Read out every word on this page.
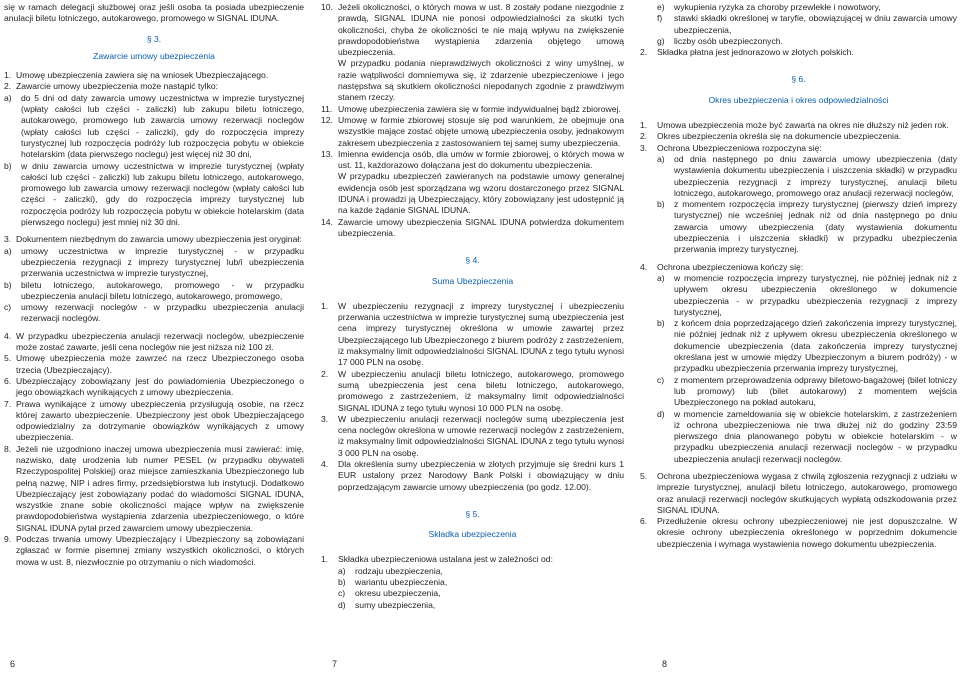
się w ramach delegacji służbowej oraz jeśli osoba ta posiada ubezpieczenie anulacji biletu lotniczego, autokarowego, promowego w SIGNAL IDUNA.

§ 3.
Zawarcie umowy ubezpieczenia
1. Umowę ubezpieczenia zawiera się na wniosek Ubezpieczającego.
2. Zawarcie umowy ubezpieczenia może nastąpić tylko:
a)	do 5 dni od daty zawarcia umowy uczestnictwa w imprezie turystycznej (wpłaty całości lub części - zaliczki) lub zakupu biletu lotniczego, autokarowego, promowego lub zawarcia umowy rezerwacji noclegów (wpłaty całości lub części - zaliczki), gdy do rozpoczęcia imprezy turystycznej lub rozpoczęcia podróży lub rozpoczęcia pobytu w obiekcie hotelarskim (data pierwszego noclegu) jest więcej niż 30 dni,
b)	w dniu zawarcia umowy uczestnictwa w imprezie turystycznej (wpłaty całości lub części - zaliczki) lub zakupu biletu lotniczego, autokarowego, promowego lub zawarcia umowy rezerwacji noclegów (wpłaty całości lub części - zaliczki), gdy do rozpoczęcia imprezy turystycznej lub rozpoczęcia podróży lub rozpoczęcia pobytu w obiekcie hotelarskim (data pierwszego noclegu) jest mniej niż 30 dni.
3. Dokumentem niezbędnym do zawarcia umowy ubezpieczenia jest oryginał:
a)	umowy uczestnictwa w imprezie turystycznej - w przypadku ubezpieczenia rezygnacji z imprezy turystycznej lub/i ubezpieczenia przerwania uczestnictwa w imprezie turystycznej,
b)	biletu lotniczego, autokarowego, promowego - w przypadku ubezpieczenia anulacji biletu lotniczego, autokarowego, promowego,
c)	umowy rezerwacji noclegów - w przypadku ubezpieczenia anulacji rezerwacji noclegów.
4. W przypadku ubezpieczenia anulacji rezerwacji noclegów, ubezpieczenie może zostać zawarte, jeśli cena noclegów nie jest niższa niż 100 zł.
5. Umowę ubezpieczenia może zawrzeć na rzecz Ubezpieczonego osoba trzecia (Ubezpieczający).
6. Ubezpieczający zobowiązany jest do powiadomienia Ubezpieczonego o jego obowiązkach wynikających z umowy ubezpieczenia.
7. Prawa wynikające z umowy ubezpieczenia przysługują osobie, na rzecz której zawarto ubezpieczenie. Ubezpieczony jest obok Ubezpieczającego odpowiedzialny za dotrzymanie obowiązków wynikających z umowy ubezpieczenia.
8. Jeżeli nie uzgodniono inaczej umowa ubezpieczenia musi zawierać: imię, nazwisko, datę urodzenia lub numer PESEL (w przypadku obywateli Rzeczypospolitej Polskiej) oraz miejsce zamieszkania Ubezpieczonego lub pełną nazwę, NIP i adres firmy, przedsiębiorstwa lub instytucji. Dodatkowo Ubezpieczający jest zobowiązany podać do wiadomości SIGNAL IDUNA, wszystkie znane sobie okoliczności mające wpływ na zwiększenie prawdopodobieństwa wystąpienia zdarzenia ubezpieczeniowego, o które SIGNAL IDUNA pytał przed zawarciem umowy ubezpieczenia.
9. Podczas trwania umowy Ubezpieczający i Ubezpieczony są zobowiązani zgłaszać w formie pisemnej zmiany wszystkich okoliczności, o których mowa w ust. 8, niezwłocznie po otrzymaniu o nich wiadomości.
10. Jeżeli okoliczności, o których mowa w ust. 8 zostały podane niezgodnie z prawdą, SIGNAL IDUNA nie ponosi odpowiedzialności za skutki tych okoliczności, chyba że okoliczności te nie mają wpływu na zwiększenie prawdopodobieństwa wystąpienia zdarzenia objętego umową ubezpieczenia.
W przypadku podania nieprawdziwych okoliczności z winy umyślnej, w razie wątpliwości domniemywa się, iż zdarzenie ubezpieczeniowe i jego następstwa są skutkiem okoliczności niepodanych zgodnie z prawdziwym stanem rzeczy.
11. Umowę ubezpieczenia zawiera się w formie indywidualnej bądź zbiorowej.
12. Umowę w formie zbiorowej stosuje się pod warunkiem, że obejmuje ona wszystkie mające zostać objęte umową ubezpieczenia osoby, jednakowym zakresem ubezpieczenia z zastosowaniem tej samej sumy ubezpieczenia.
13. Imienna ewidencja osób, dla umów w formie zbiorowej, o których mowa w ust. 11, każdorazowo dołączana jest do dokumentu ubezpieczenia.
W przypadku ubezpieczeń zawieranych na podstawie umowy generalnej ewidencja osób jest sporządzana wg wzoru dostarczonego przez SIGNAL IDUNA i prowadzi ją Ubezpieczający, który zobowiązany jest udostępnić ją na każde żądanie SIGNAL IDUNA.
14. Zawarcie umowy ubezpieczenia SIGNAL IDUNA potwierdza dokumentem ubezpieczenia.
§ 4.
Suma Ubezpieczenia
1.	W ubezpieczeniu rezygnacji z imprezy turystycznej i ubezpieczeniu przerwania uczestnictwa w imprezie turystycznej sumą ubezpieczenia jest cena imprezy turystycznej określona w umowie zawartej przez Ubezpieczającego lub Ubezpieczonego z biurem podróży z zastrzeżeniem, iż maksymalny limit odpowiedzialności SIGNAL IDUNA z tego tytułu wynosi 17 000 PLN na osobę.
2.	W ubezpieczeniu anulacji biletu lotniczego, autokarowego, promowego sumą ubezpieczenia jest cena biletu lotniczego, autokarowego, promowego z zastrzeżeniem, iż maksymalny limit odpowiedzialności SIGNAL IDUNA z tego tytułu wynosi 10 000 PLN na osobę.
3.	W ubezpieczeniu anulacji rezerwacji noclegów sumą ubezpieczenia jest cena noclegów określona w umowie rezerwacji noclegów z zastrzeżeniem, iż maksymalny limit odpowiedzialności SIGNAL IDUNA z tego tytułu wynosi 3 000 PLN na osobę.
4.	Dla określenia sumy ubezpieczenia w złotych przyjmuje się średni kurs 1 EUR ustalony przez Narodowy Bank Polski i obowiązujący w dniu poprzedzającym zawarcie umowy ubezpieczenia (po godz. 12.00).
§ 5.
Składka ubezpieczenia
1.	Składka ubezpieczeniowa ustalana jest w zależności od:
a)	rodzaju ubezpieczenia,
b)	wariantu ubezpieczenia,
c)	okresu ubezpieczenia,
d)	sumy ubezpieczenia,
e)	wykupienia ryzyka za choroby przewlekłe i nowotwory,
f)	stawki składki określonej w taryfie, obowiązującej w dniu zawarcia umowy ubezpieczenia,
g)	liczby osób ubezpieczonych.
2.	Składka płatna jest jednorazowo w złotych polskich.
§ 6.
Okres ubezpieczenia i okres odpowiedzialności
1.	Umowa ubezpieczenia może być zawarta na okres nie dłuższy niż jeden rok.
2.	Okres ubezpieczenia określa się na dokumencie ubezpieczenia.
3.	Ochrona Ubezpieczeniowa rozpoczyna się:
a)	od dnia następnego po dniu zawarcia umowy ubezpieczenia (daty wystawienia dokumentu ubezpieczenia i uiszczenia składki) w przypadku ubezpieczenia rezygnacji z imprezy turystycznej, anulacji biletu lotniczego, autokarowego, promowego oraz anulacji rezerwacji noclegów,
b)	z momentem rozpoczęcia imprezy turystycznej (pierwszy dzień imprezy turystycznej) nie wcześniej jednak niż od dnia następnego po dniu zawarcia umowy ubezpieczenia (daty wystawienia dokumentu ubezpieczenia i uiszczenia składki) w przypadku ubezpieczenia przerwania imprezy turystycznej.
4.	Ochrona ubezpieczeniowa kończy się:
a)	w momencie rozpoczęcia imprezy turystycznej, nie później jednak niż z upływem okresu ubezpieczenia określonego w dokumencie ubezpieczenia - w przypadku ubezpieczenia rezygnacji z imprezy turystycznej,
b)	z końcem dnia poprzedzającego dzień zakończenia imprezy turystycznej, nie później jednak niż z upływem okresu ubezpieczenia określonego w dokumencie ubezpieczenia (data zakończenia imprezy turystycznej określana jest w umowie między Ubezpieczonym a biurem podróży) - w przypadku ubezpieczenia przerwania imprezy turystycznej,
c)	z momentem przeprowadzenia odprawy biletowo-bagażowej (bilet lotniczy lub promowy) lub (bilet autokarowy) z momentem wejścia Ubezpieczonego na pokład autokaru,
d)	w momencie zameldowania się w obiekcie hotelarskim, z zastrzeżeniem iż ochrona ubezpieczeniowa nie trwa dłużej niż do godziny 23:59 pierwszego dnia planowanego pobytu w obiekcie hotelarskim - w przypadku ubezpieczenia anulacji rezerwacji noclegów - w przypadku ubezpieczenia anulacji rezerwacji noclegów.
5.	Ochrona ubezpieczeniowa wygasa z chwilą zgłoszenia rezygnacji z udziału w imprezie turystycznej, anulacji biletu lotniczego, autokarowego, promowego oraz anulacji rezerwacji noclegów skutkujących wypłatą odszkodowania przez SIGNAL IDUNA.
6.	Przedłużenie okresu ochrony ubezpieczeniowej nie jest dopuszczalne. W okresie ochrony ubezpieczenia określonego w poprzednim dokumencie ubezpieczenia i wymaga wystawienia nowego dokumentu ubezpieczenia.
6	7	8
